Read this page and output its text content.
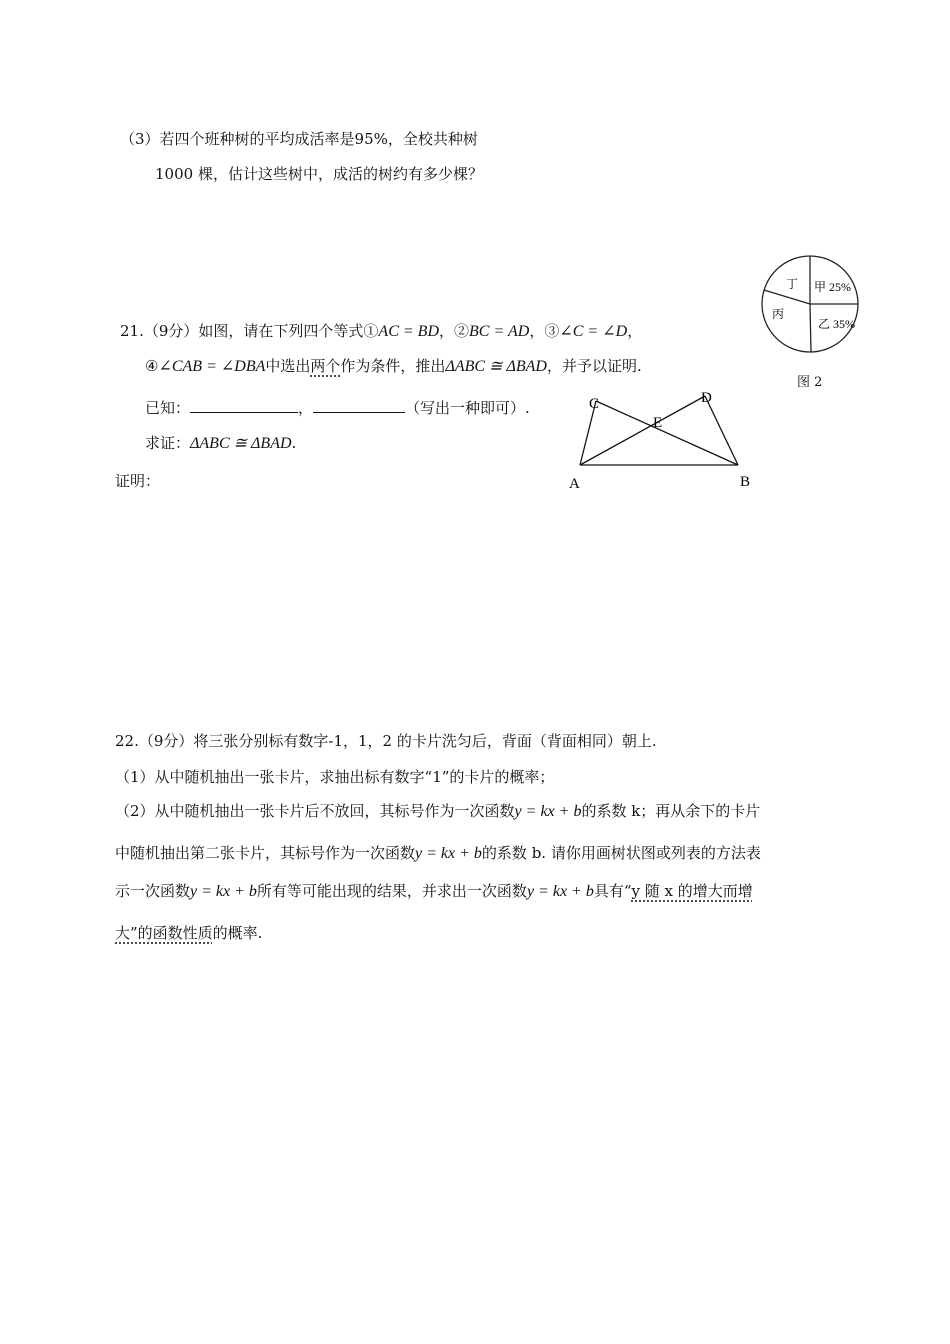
（3）若四个班种树的平均成活率是95%，全校共种树
1000 棵，估计这些树中，成活的树约有多少棵？
甲 25%
乙 35%
丙
丁
图 2
21.（9分）如图，请在下列四个等式①AC = BD，②BC = AD，③∠C = ∠D，
④∠CAB = ∠DBA中选出两个作为条件，推出ΔABC ≅ ΔBAD，并予以证明.
已知：	，	（写出一种即可）.
求证：ΔABC ≅ ΔBAD.
证明：	A	B
C	D
E
22.（9分）将三张分别标有数字-1，1，2 的卡片洗匀后，背面（背面相同）朝上.
（1）从中随机抽出一张卡片，求抽出标有数字“1”的卡片的概率；
（2）从中随机抽出一张卡片后不放回，其标号作为一次函数y = kx + b的系数 k；再从余下的卡片
中随机抽出第二张卡片，其标号作为一次函数y = kx + b的系数 b. 请你用画树状图或列表的方法表
示一次函数y = kx + b所有等可能出现的结果，并求出一次函数y = kx + b具有“y 随 x 的增大而增
大”的函数性质的概率.
